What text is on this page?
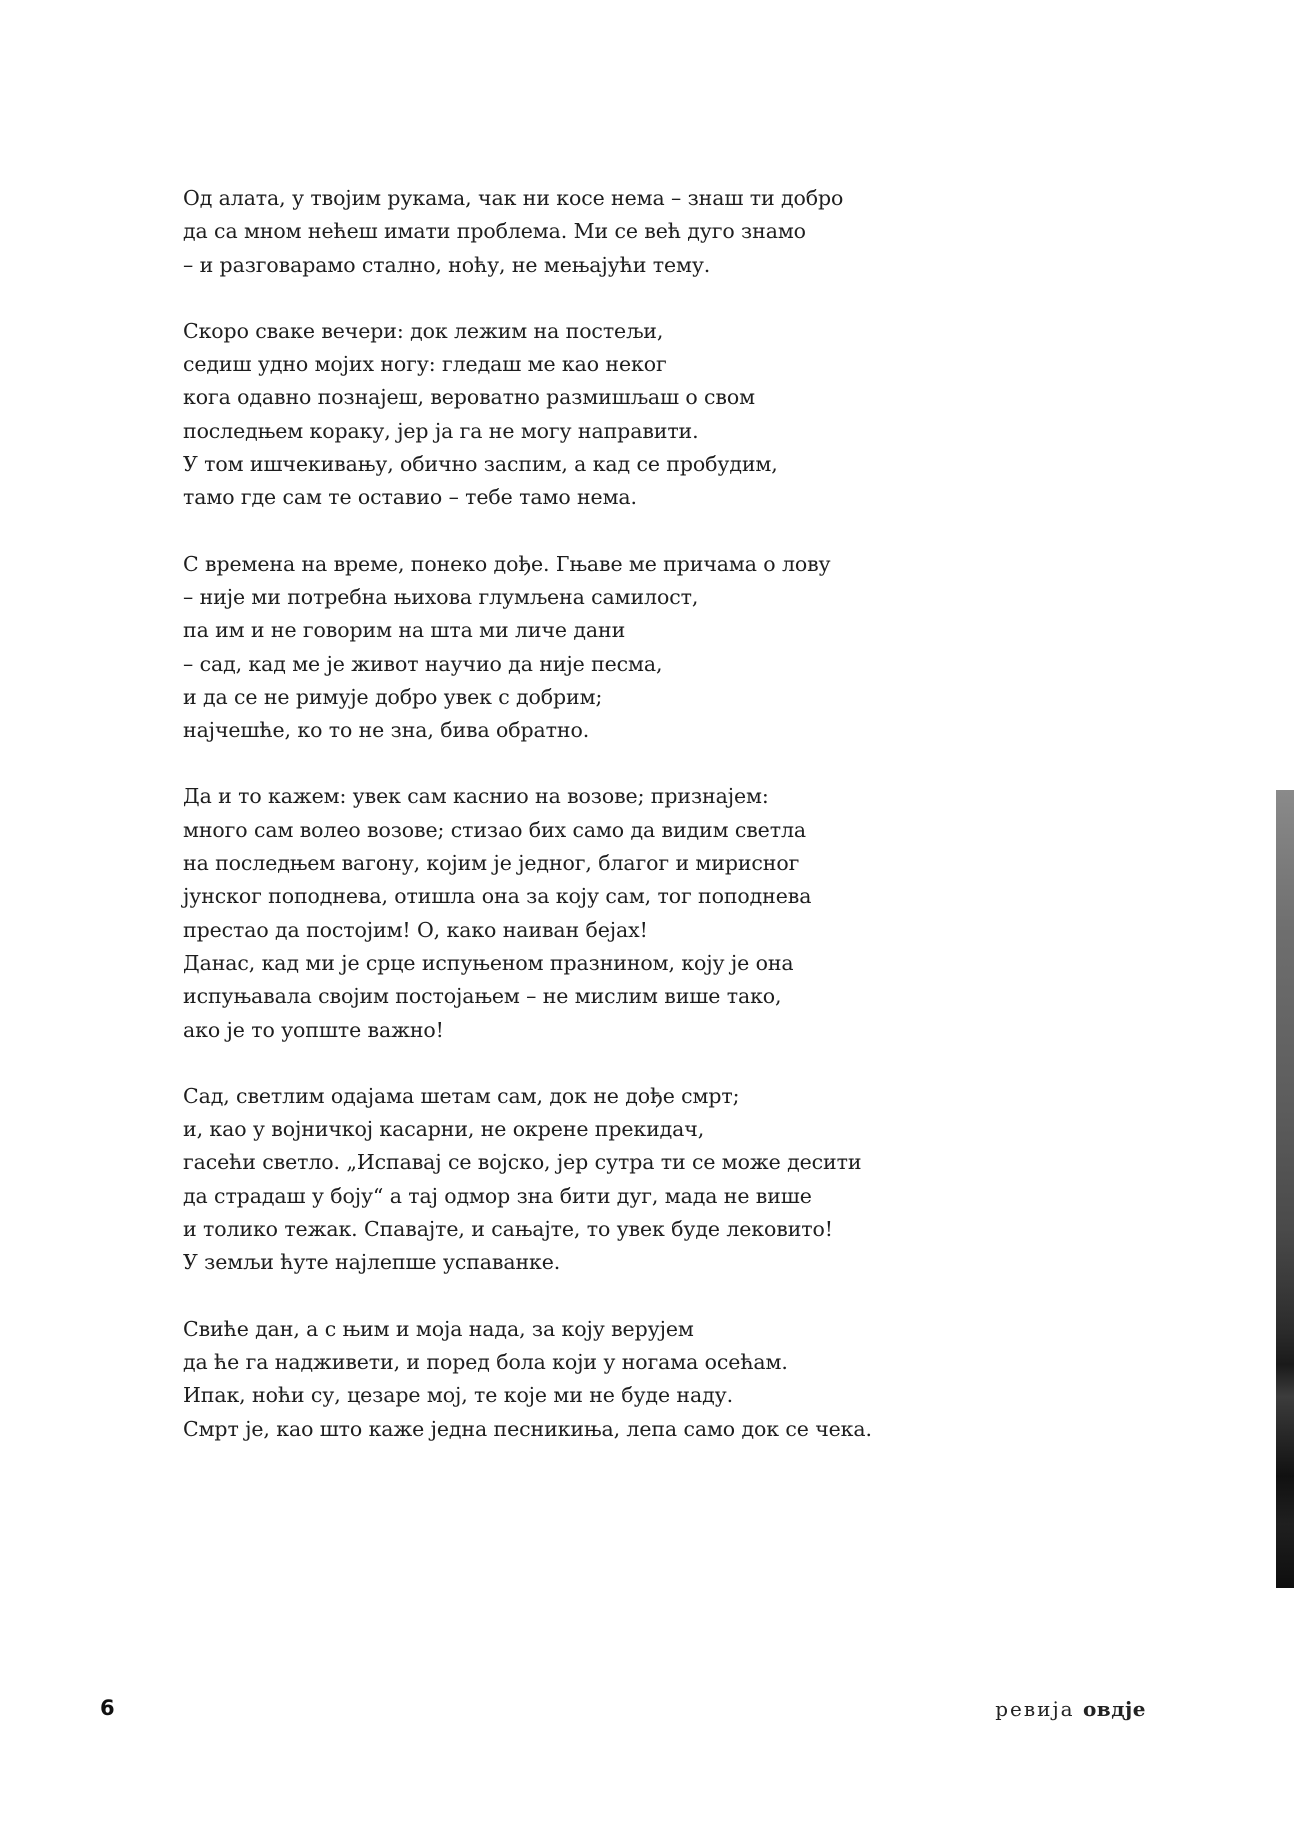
Од алата, у твојим рукама, чак ни косе нема – знаш ти добро
да са мном нећеш имати проблема. Ми се већ дуго знамо
– и разговарамо стално, ноћу, не мењајући тему.
Скоро сваке вечери: док лежим на постељи,
седиш удно мојих ногу: гледаш ме као неког
кога одавно познајеш, вероватно размишљаш о свом
последњем кораку, јер ја га не могу направити.
У том ишчекивању, обично заспим, а кад се пробудим,
тамо где сам те оставио – тебе тамо нема.
С времена на време, понеко дође. Гњаве ме причама о лову
– није ми потребна њихова глумљена самилост,
па им и не говорим на шта ми личе дани
– сад, кад ме је живот научио да није песма,
и да се не римује добро увек с добрим;
најчешће, ко то не зна, бива обратно.
Да и то кажем: увек сам каснио на возове; признајем:
много сам волео возове; стизао бих само да видим светла
на последњем вагону, којим је једног, благог и мирисног
јунског поподнева, отишла она за коју сам, тог поподнева
престао да постојим! О, како наиван бејах!
Данас, кад ми је срце испуњеном празнином, коју је она
испуњавала својим постојањем – не мислим више тако,
ако је то уопште важно!
Сад, светлим одајама шетам сам, док не дође смрт;
и, као у војничкој касарни, не окрене прекидач,
гасећи светло. „Испавај се војско, јер сутра ти се може десити
да страдаш у боју“ а тај одмор зна бити дуг, мада не више
и толико тежак. Спавајте, и сањајте, то увек буде лековито!
У земљи ћуте најлепше успаванке.
Свиће дан, а с њим и моја нада, за коју верујем
да ће га надживети, и поред бола који у ногама осећам.
Ипак, ноћи су, цезаре мој, те које ми не буде наду.
Смрт је, као што каже једна песникиња, лепа само док се чека.
6	ревија овдје
